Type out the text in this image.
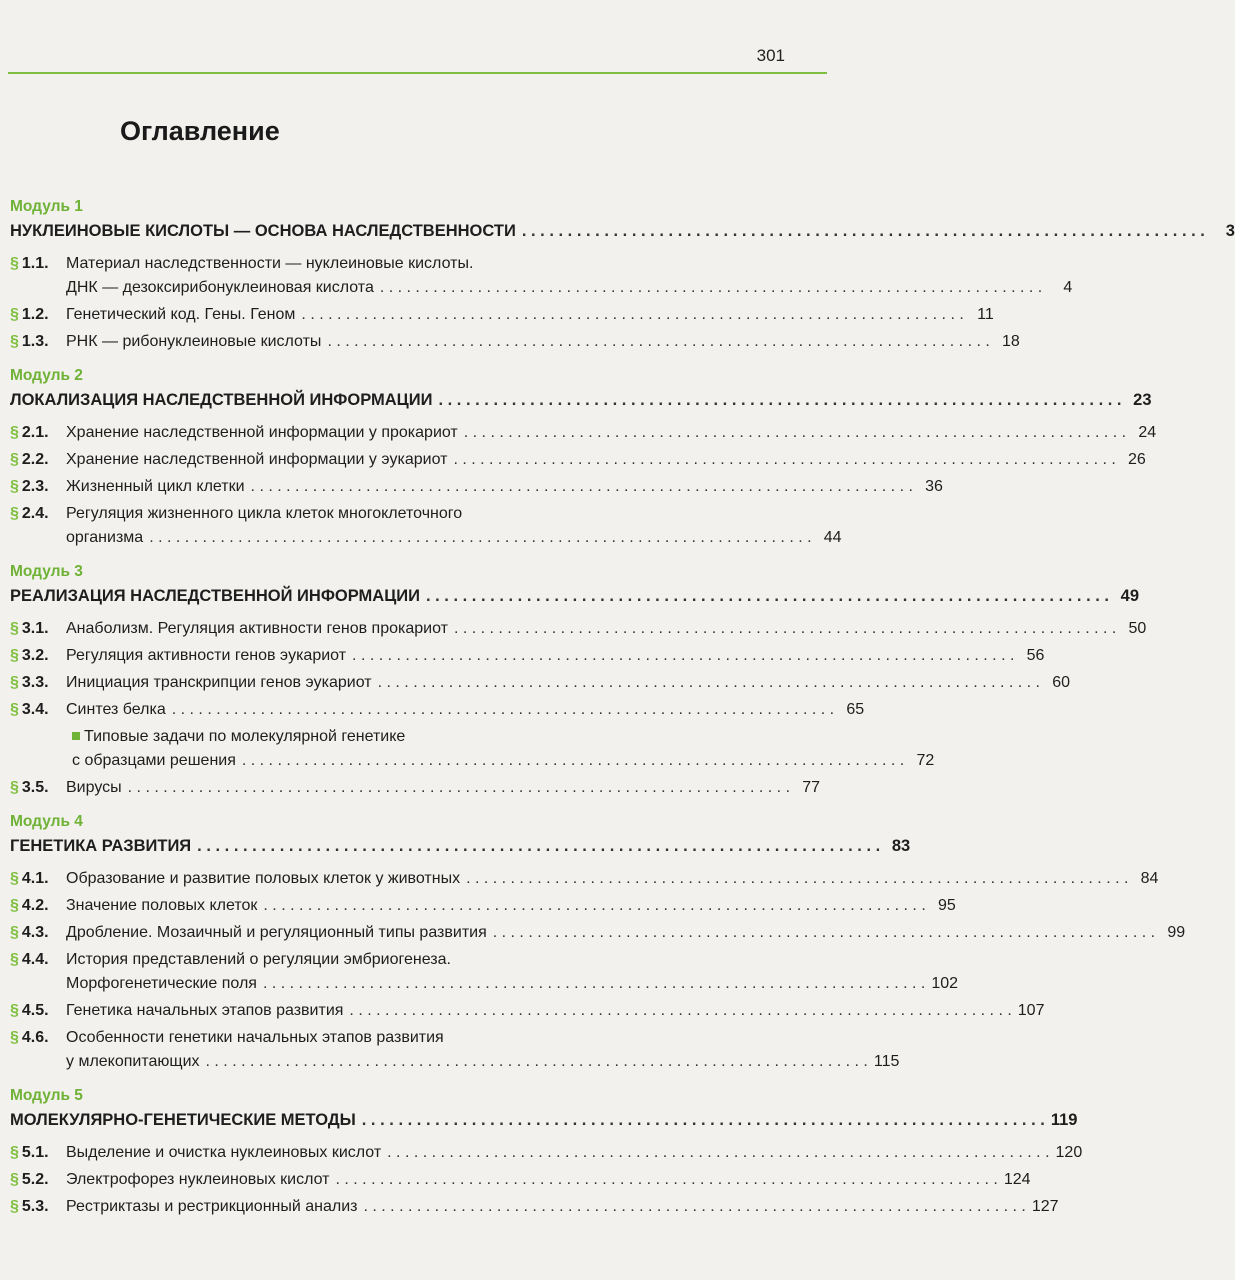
301
Оглавление
Модуль 1
НУКЛЕИНОВЫЕ КИСЛОТЫ — ОСНОВА НАСЛЕДСТВЕННОСТИ . . .	3
§ 1.1.	Материал наследственности — нуклеиновые кислоты.
ДНК — дезоксирибонуклеиновая кислота . . .	4
§ 1.2.	Генетический код. Гены. Геном . . .	11
§ 1.3.	РНК — рибонуклеиновые кислоты . . .	18
Модуль 2
ЛОКАЛИЗАЦИЯ НАСЛЕДСТВЕННОЙ ИНФОРМАЦИИ . . .	23
§ 2.1.	Хранение наследственной информации у прокариот . . .	24
§ 2.2.	Хранение наследственной информации у эукариот . . .	26
§ 2.3.	Жизненный цикл клетки . . .	36
§ 2.4.	Регуляция жизненного цикла клеток многоклеточного
организма . . .	44
Модуль 3
РЕАЛИЗАЦИЯ НАСЛЕДСТВЕННОЙ ИНФОРМАЦИИ . . .	49
§ 3.1.	Анаболизм. Регуляция активности генов прокариот . . .	50
§ 3.2.	Регуляция активности генов эукариот . . .	56
§ 3.3.	Инициация транскрипции генов эукариот . . .	60
§ 3.4.	Синтез белка . . .	65
Типовые задачи по молекулярной генетике
с образцами решения . . .	72
§ 3.5.	Вирусы . . .	77
Модуль 4
ГЕНЕТИКА РАЗВИТИЯ . . .	83
§ 4.1.	Образование и развитие половых клеток у животных . . .	84
§ 4.2.	Значение половых клеток . . .	95
§ 4.3.	Дробление. Мозаичный и регуляционный типы развития . . .	99
§ 4.4.	История представлений о регуляции эмбриогенеза.
Морфогенетические поля . . .	102
§ 4.5.	Генетика начальных этапов развития . . .	107
§ 4.6.	Особенности генетики начальных этапов развития
у млекопитающих . . .	115
Модуль 5
МОЛЕКУЛЯРНО-ГЕНЕТИЧЕСКИЕ МЕТОДЫ . . .	119
§ 5.1.	Выделение и очистка нуклеиновых кислот . . .	120
§ 5.2.	Электрофорез нуклеиновых кислот . . .	124
§ 5.3.	Рестриктазы и рестрикционный анализ . . .	127
